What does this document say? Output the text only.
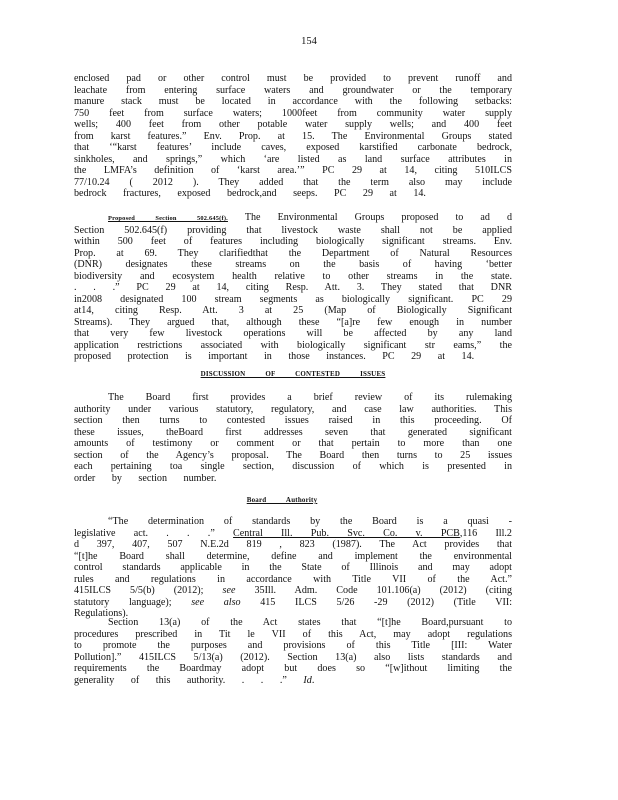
154

enclosed pad or other control must be provided to prevent runoff and leachate from entering surface waters and groundwater or the temporary manure stack must be located in accordance with the following setbacks: 750 feet from surface waters; 1000feet from community water supply wells; 400 feet from other potable water supply wells; and 400 feet from karst features.” Env. Prop. at 15. The Environmental Groups stated that ‘“karst features’ include caves, exposed karstified carbonate bedrock, sinkholes, and springs,” which ‘are listed as land surface attributes in the LMFA’s definition of ‘karst area.’” PC 29 at 14, citing 510ILCS 77/10.24 ( 2012 ). They added that the term also may include bedrock fractures, exposed bedrock,and seeps. PC 29 at 14.

Proposed Section 502.645(f). The Environmental Groups proposed to ad d Section 502.645(f) providing that livestock waste shall not be applied within 500 feet of features including biologically significant streams. Env. Prop. at 69. They clarifiedthat the Department of Natural Resources (DNR) designates these streams on the basis of having ‘better biodiversity and ecosystem health relative to other streams in the state. . . .” PC 29 at 14, citing Resp. Att. 3. They stated that DNR in2008 designated 100 stream segments as biologically significant. PC 29 at14, citing Resp. Att. 3 at 25 (Map of Biologically Significant Streams). They argued that, although these “[a]re few enough in number that very few livestock operations will be affected by any land application restrictions associated with biologically significant str eams,” the proposed protection is important in those instances. PC 29 at 14.

DISCUSSION OF CONTESTED ISSUES

The Board first provides a brief review of its rulemaking authority under various statutory, regulatory, and case law authorities. This section then turns to contested issues raised in this proceeding. Of these issues, theBoard first addresses seven that generated significant amounts of testimony or comment or that pertain to more than one section of the Agency’s proposal. The Board then turns to 25 issues each pertaining toa single section, discussion of which is presented in order by section number.

Board Authority

“The determination of standards by the Board is a quasi -legislative act. . . .” Central Ill. Pub. Svc. Co. v. PCB,116 Ill.2 d 397, 407, 507 N.E.2d 819 , 823 (1987). The Act provides that “[t]he Board shall determine, define and implement the environmental control standards applicable in the State of Illinois and may adopt rules and regulations in accordance with Title VII of the Act.” 415ILCS 5/5(b) (2012); see 35Ill. Adm. Code 101.106(a) (2012) (citing statutory language); see also 415 ILCS 5/26 -29 (2012) (Title VII: Regulations).

Section 13(a) of the Act states that “[t]he Board,pursuant to procedures prescribed in Tit le VII of this Act, may adopt regulations to promote the purposes and provisions of this Title [III: Water Pollution].” 415ILCS 5/13(a) (2012). Section 13(a) also lists standards and requirements the Boardmay adopt but does so “[w]ithout limiting the generality of this authority. . . .” Id.
